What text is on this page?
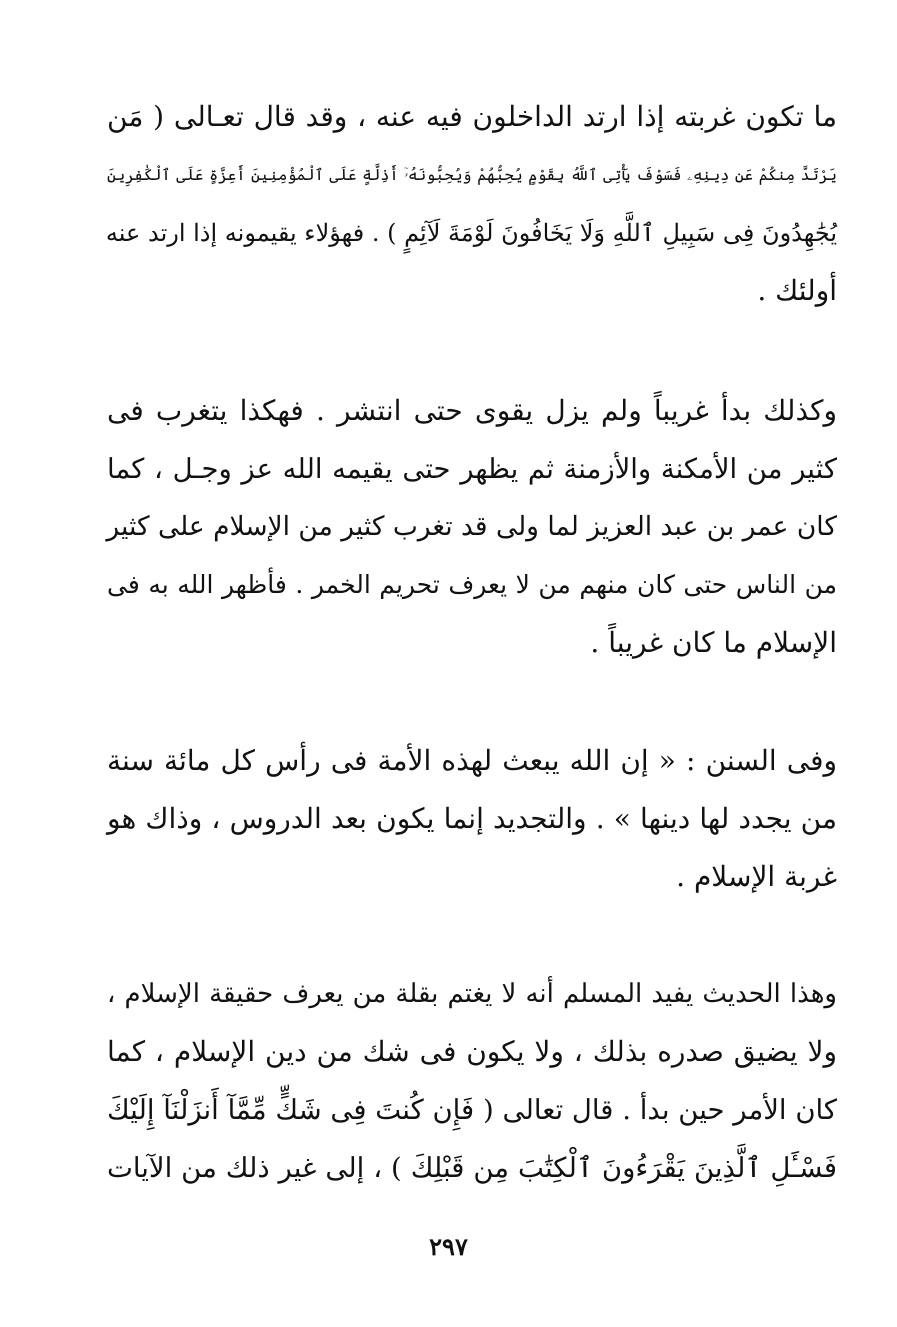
ما تكون غربته إذا ارتد الداخلون فيه عنه ، وقد قال تعـالى ( مَن
يَرْتَدَّ مِنكُمْ عَن دِينِهِۦ فَسَوْفَ يَأْتِى ٱللَّهُ بِقَوْمٍ يُحِبُّهُمْ وَيُحِبُّونَهُۥٓ أَذِلَّةٍ عَلَى ٱلْمُؤْمِنِينَ أَعِزَّةٍ عَلَى ٱلْكَٰفِرِينَ
يُجَٰهِدُونَ فِى سَبِيلِ ٱللَّهِ وَلَا يَخَافُونَ لَوْمَةَ لَآئِمٍ ) . فهؤلاء يقيمونه إذا ارتد عنه
أولئك .
وكذلك بدأ غريباً ولم يزل يقوى حتى انتشر . فهكذا يتغرب فى
كثير من الأمكنة والأزمنة ثم يظهر حتى يقيمه الله عز وجـل ، كما
كان عمر بن عبد العزيز لما ولى قد تغرب كثير من الإسلام على كثير
من الناس حتى كان منهم من لا يعرف تحريم الخمر . فأظهر الله به فى
الإسلام ما كان غريباً .
وفى السنن : « إن الله يبعث لهذه الأمة فى رأس كل مائة سنة
من يجدد لها دينها » . والتجديد إنما يكون بعد الدروس ، وذاك هو
غربة الإسلام .
وهذا الحديث يفيد المسلم أنه لا يغتم بقلة من يعرف حقيقة الإسلام ،
ولا يضيق صدره بذلك ، ولا يكون فى شك من دين الإسلام ، كما
كان الأمر حين بدأ . قال تعالى ( فَإِن كُنتَ فِى شَكٍّ مِّمَّآ أَنزَلْنَآ إِلَيْكَ
فَسْـَٔلِ ٱلَّذِينَ يَقْرَءُونَ ٱلْكِتَٰبَ مِن قَبْلِكَ ) ، إلى غير ذلك من الآيات
٢٩٧
